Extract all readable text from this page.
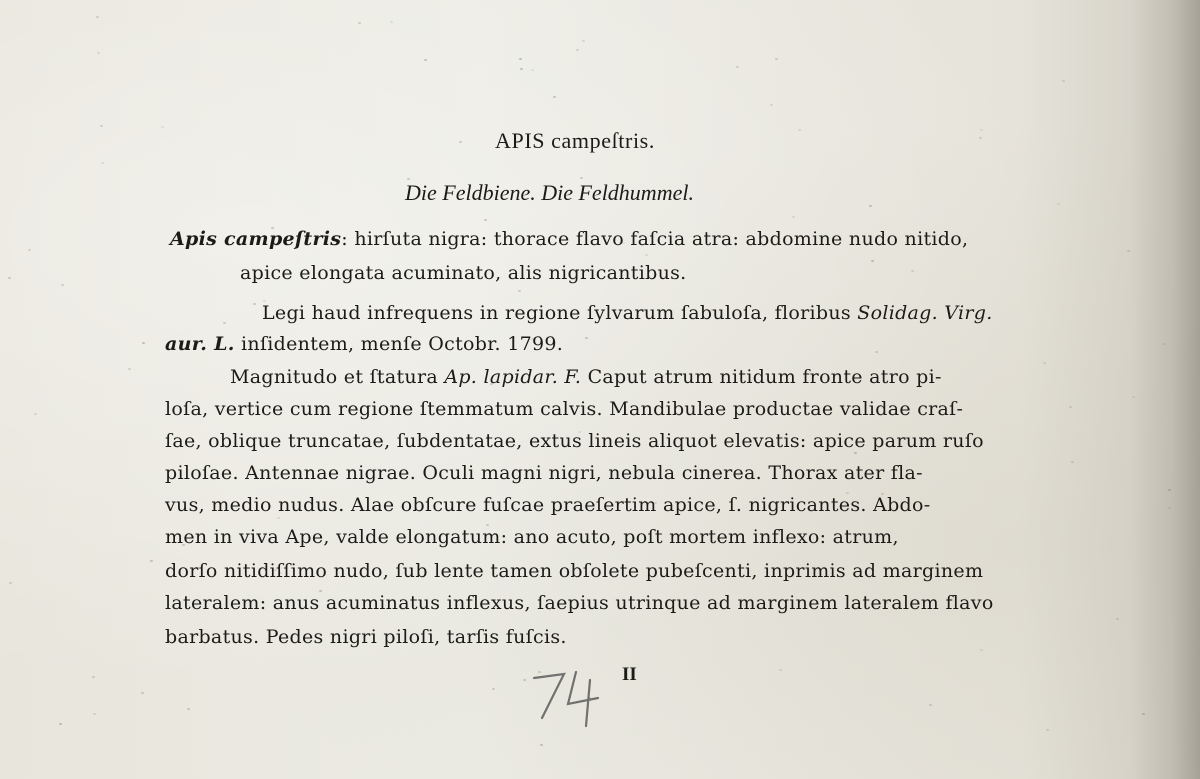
APIS campeſtris.
Die Feldbiene. Die Feldhummel.
Apis campeſtris: hirſuta nigra: thorace flavo faſcia atra: abdomine nudo nitido,
apice elongata acuminato, alis nigricantibus.
Legi haud infrequens in regione ſylvarum ſabuloſa, floribus Solidag. Virg.
aur. L. inſidentem, menſe Octobr. 1799.
Magnitudo et ſtatura Ap. lapidar. F. Caput atrum nitidum fronte atro pi-
loſa, vertice cum regione ſtemmatum calvis. Mandibulae productae validae craſ-
ſae, oblique truncatae, ſubdentatae, extus lineis aliquot elevatis: apice parum ruſo
piloſae. Antennae nigrae. Oculi magni nigri, nebula cinerea. Thorax ater fla-
vus, medio nudus. Alae obſcure fuſcae praeſertim apice, ſ. nigricantes. Abdo-
men in viva Ape, valde elongatum: ano acuto, poſt mortem inflexo: atrum,
dorſo nitidiſſimo nudo, ſub lente tamen obſolete pubeſcenti, inprimis ad marginem
lateralem: anus acuminatus inflexus, ſaepius utrinque ad marginem lateralem flavo
barbatus. Pedes nigri piloſi, tarſis fuſcis.
II
